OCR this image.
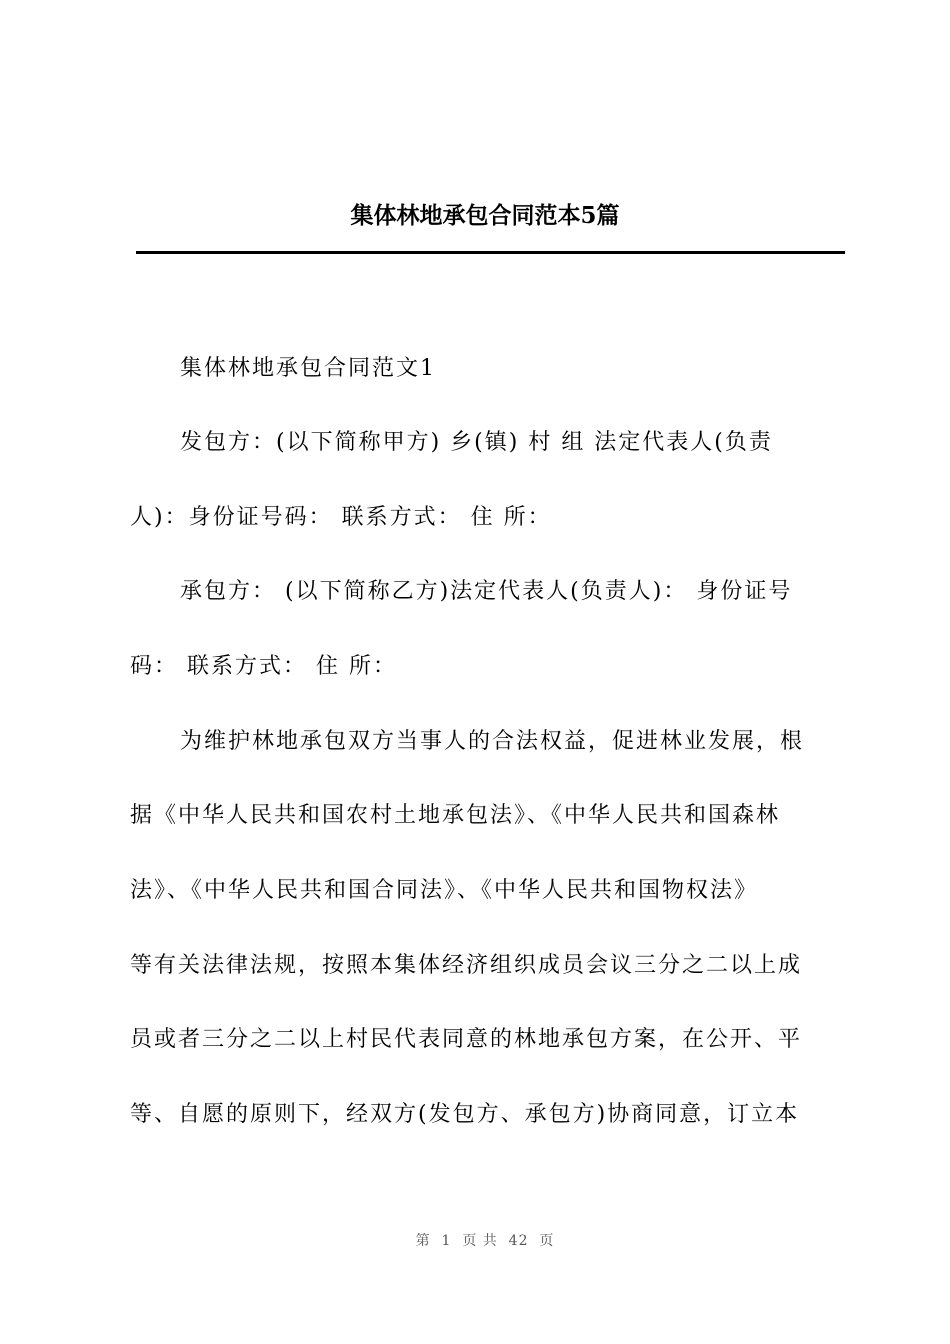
集体林地承包合同范本5篇
集体林地承包合同范文1
发包方：(以下简称甲方) 乡(镇) 村 组 法定代表人(负责
人)：身份证号码： 联系方式： 住 所：
承包方： (以下简称乙方)法定代表人(负责人)： 身份证号
码： 联系方式： 住 所：
为维护林地承包双方当事人的合法权益，促进林业发展，根
据《中华人民共和国农村土地承包法》、《中华人民共和国森林
法》、《中华人民共和国合同法》、《中华人民共和国物权法》
等有关法律法规，按照本集体经济组织成员会议三分之二以上成
员或者三分之二以上村民代表同意的林地承包方案，在公开、平
等、自愿的原则下，经双方(发包方、承包方)协商同意，订立本
第  1  页 共  42  页
